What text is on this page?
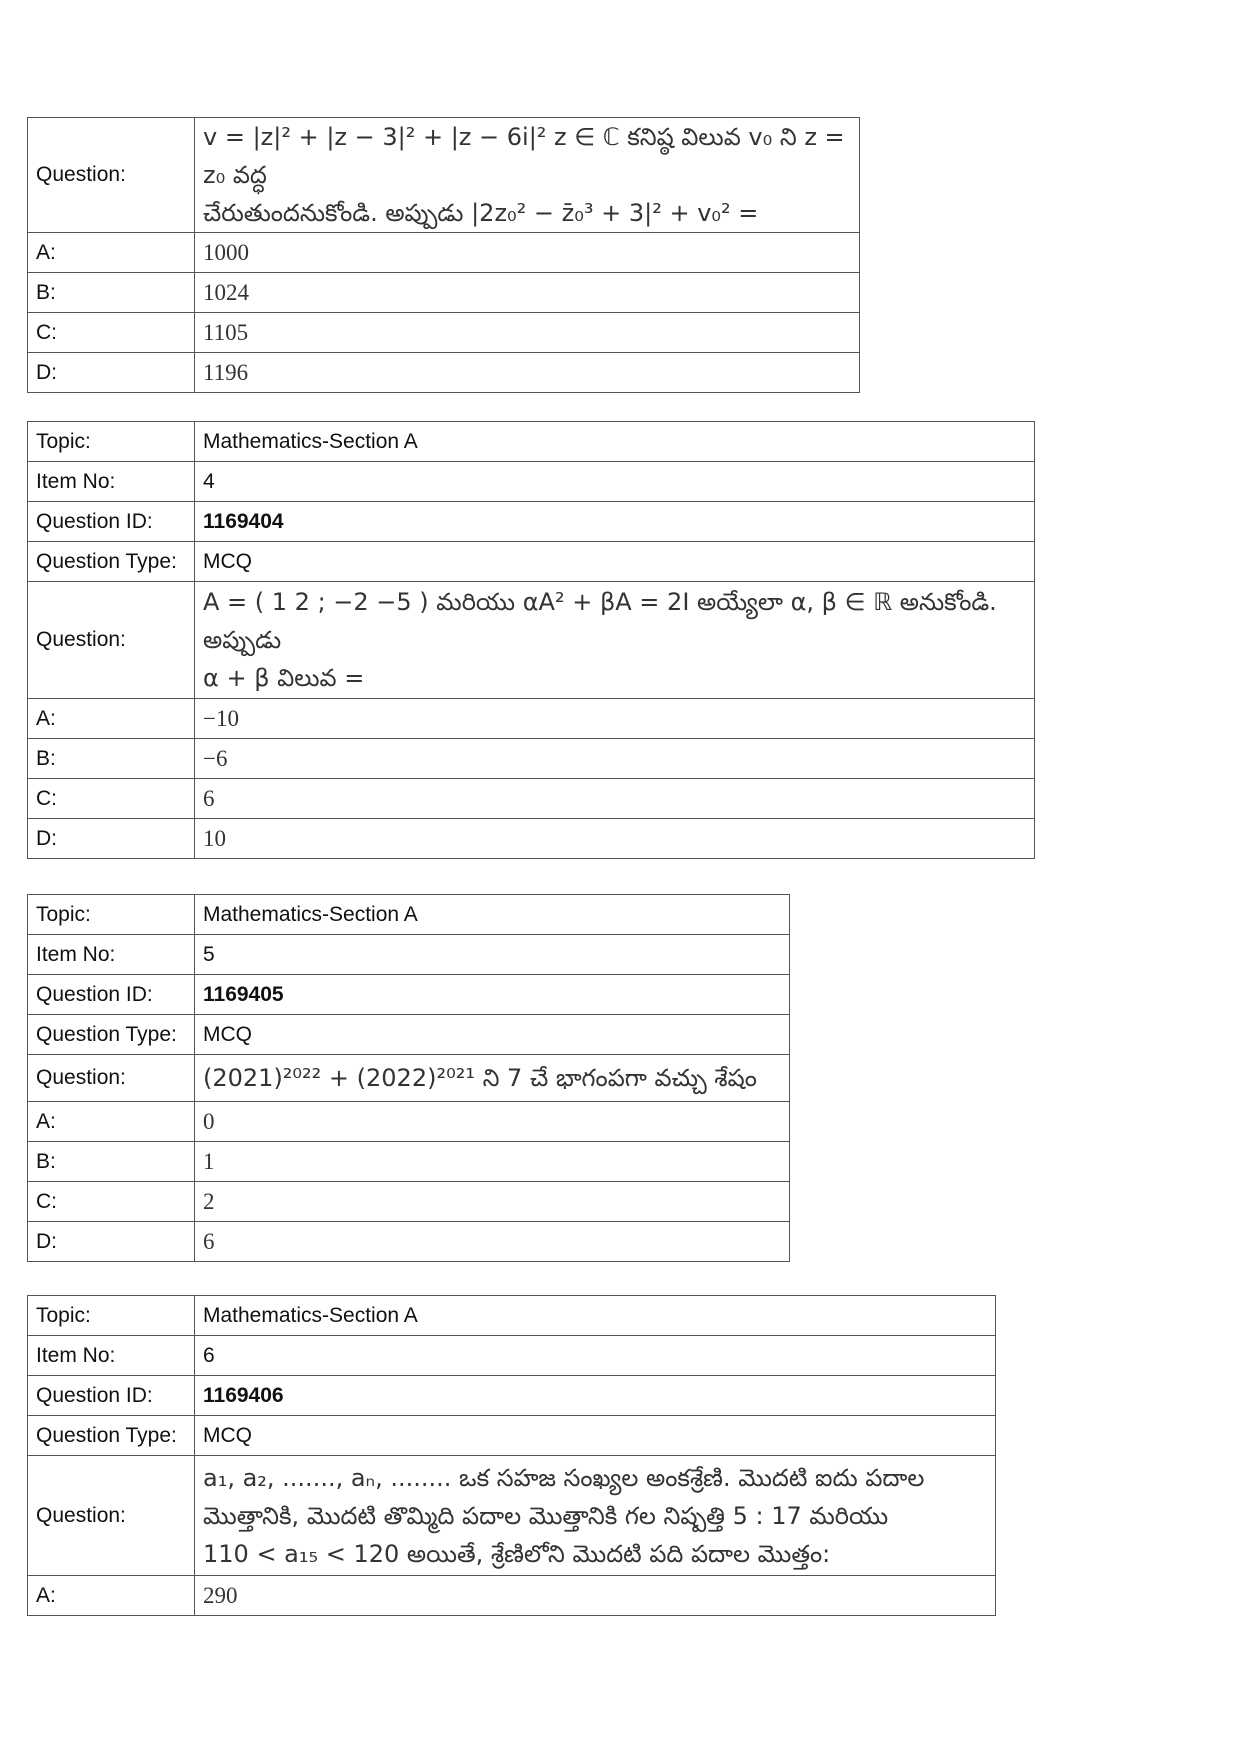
Question:	v = |z|² + |z − 3|² + |z − 6i|² z ∈ ℂ కనిష్ఠ విలువ v₀ ని z = z₀ వద్ధ
చేరుతుందనుకోండి. అప్పుడు |2z₀² − z̄₀³ + 3|² + v₀² =

A:	1000
B:	1024
C:	1105
D:	1196
Topic:	Mathematics-Section A
Item No:	4
Question ID:	1169404
Question Type:	MCQ
Question:	A = ( 1 2 ; −2 −5 ) మరియు αA² + βA = 2I అయ్యేలా α, β ∈ ℝ అనుకోండి. అప్పుడు
α + β విలువ =

A:	−10
B:	−6
C:	6
D:	10
Topic:	Mathematics-Section A
Item No:	5
Question ID:	1169405
Question Type:	MCQ
Question:	(2021)²⁰²² + (2022)²⁰²¹ ని 7 చే భాగంపగా వచ్చు శేషం

A:	0
B:	1
C:	2
D:	6
Topic:	Mathematics-Section A
Item No:	6
Question ID:	1169406
Question Type:	MCQ
Question:	a₁, a₂, ......., aₙ, ........ ఒక సహజ సంఖ్యల అంకశ్రేణి. మొదటి ఐదు పదాల
మొత్తానికి, మొదటి తొమ్మిది పదాల మొత్తానికి గల నిష్పత్తి 5 : 17 మరియు
110 < a₁₅ < 120 అయితే, శ్రేణిలోని మొదటి పది పదాల మొత్తం:

A:	290
